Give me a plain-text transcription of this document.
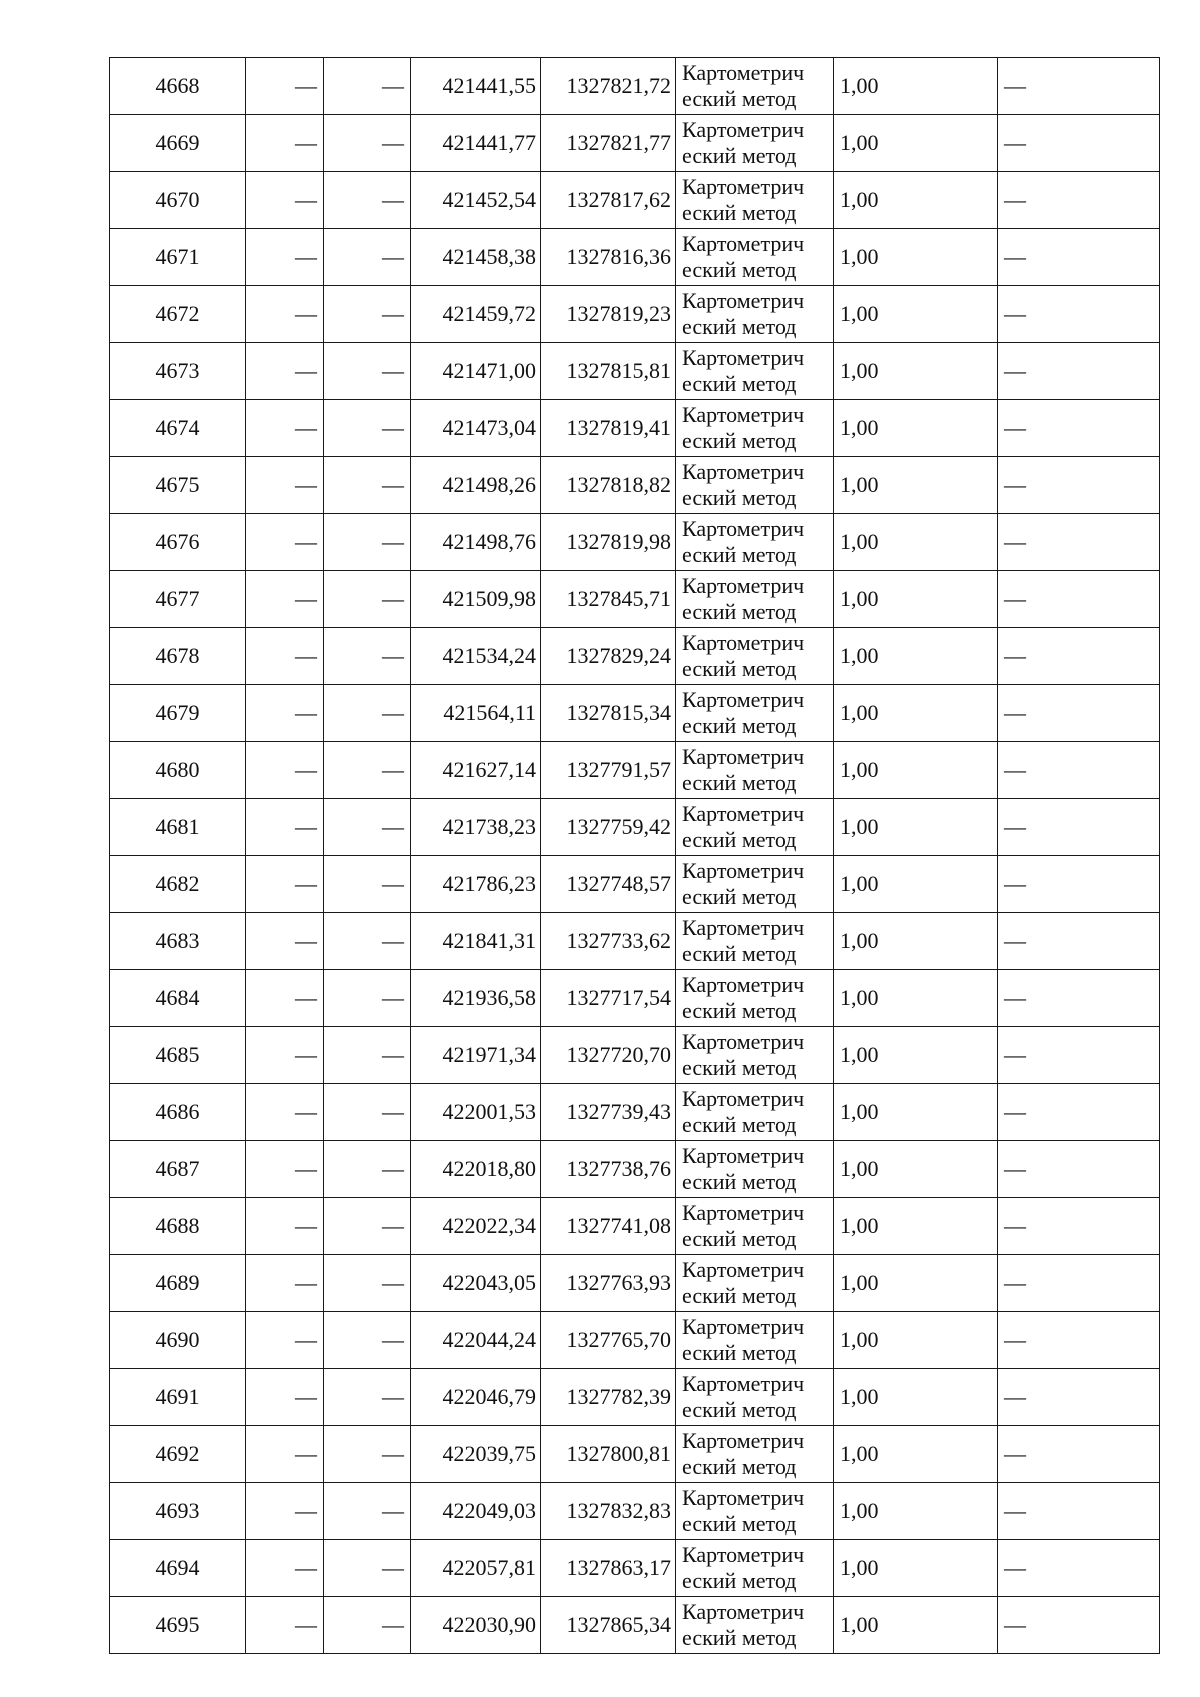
4668	—	—	421441,55	1327821,72	Картометрич
еский метод	1,00	—
4669	—	—	421441,77	1327821,77	Картометрич
еский метод	1,00	—
4670	—	—	421452,54	1327817,62	Картометрич
еский метод	1,00	—
4671	—	—	421458,38	1327816,36	Картометрич
еский метод	1,00	—
4672	—	—	421459,72	1327819,23	Картометрич
еский метод	1,00	—
4673	—	—	421471,00	1327815,81	Картометрич
еский метод	1,00	—
4674	—	—	421473,04	1327819,41	Картометрич
еский метод	1,00	—
4675	—	—	421498,26	1327818,82	Картометрич
еский метод	1,00	—
4676	—	—	421498,76	1327819,98	Картометрич
еский метод	1,00	—
4677	—	—	421509,98	1327845,71	Картометрич
еский метод	1,00	—
4678	—	—	421534,24	1327829,24	Картометрич
еский метод	1,00	—
4679	—	—	421564,11	1327815,34	Картометрич
еский метод	1,00	—
4680	—	—	421627,14	1327791,57	Картометрич
еский метод	1,00	—
4681	—	—	421738,23	1327759,42	Картометрич
еский метод	1,00	—
4682	—	—	421786,23	1327748,57	Картометрич
еский метод	1,00	—
4683	—	—	421841,31	1327733,62	Картометрич
еский метод	1,00	—
4684	—	—	421936,58	1327717,54	Картометрич
еский метод	1,00	—
4685	—	—	421971,34	1327720,70	Картометрич
еский метод	1,00	—
4686	—	—	422001,53	1327739,43	Картометрич
еский метод	1,00	—
4687	—	—	422018,80	1327738,76	Картометрич
еский метод	1,00	—
4688	—	—	422022,34	1327741,08	Картометрич
еский метод	1,00	—
4689	—	—	422043,05	1327763,93	Картометрич
еский метод	1,00	—
4690	—	—	422044,24	1327765,70	Картометрич
еский метод	1,00	—
4691	—	—	422046,79	1327782,39	Картометрич
еский метод	1,00	—
4692	—	—	422039,75	1327800,81	Картометрич
еский метод	1,00	—
4693	—	—	422049,03	1327832,83	Картометрич
еский метод	1,00	—
4694	—	—	422057,81	1327863,17	Картометрич
еский метод	1,00	—
4695	—	—	422030,90	1327865,34	Картометрич
еский метод	1,00	—
